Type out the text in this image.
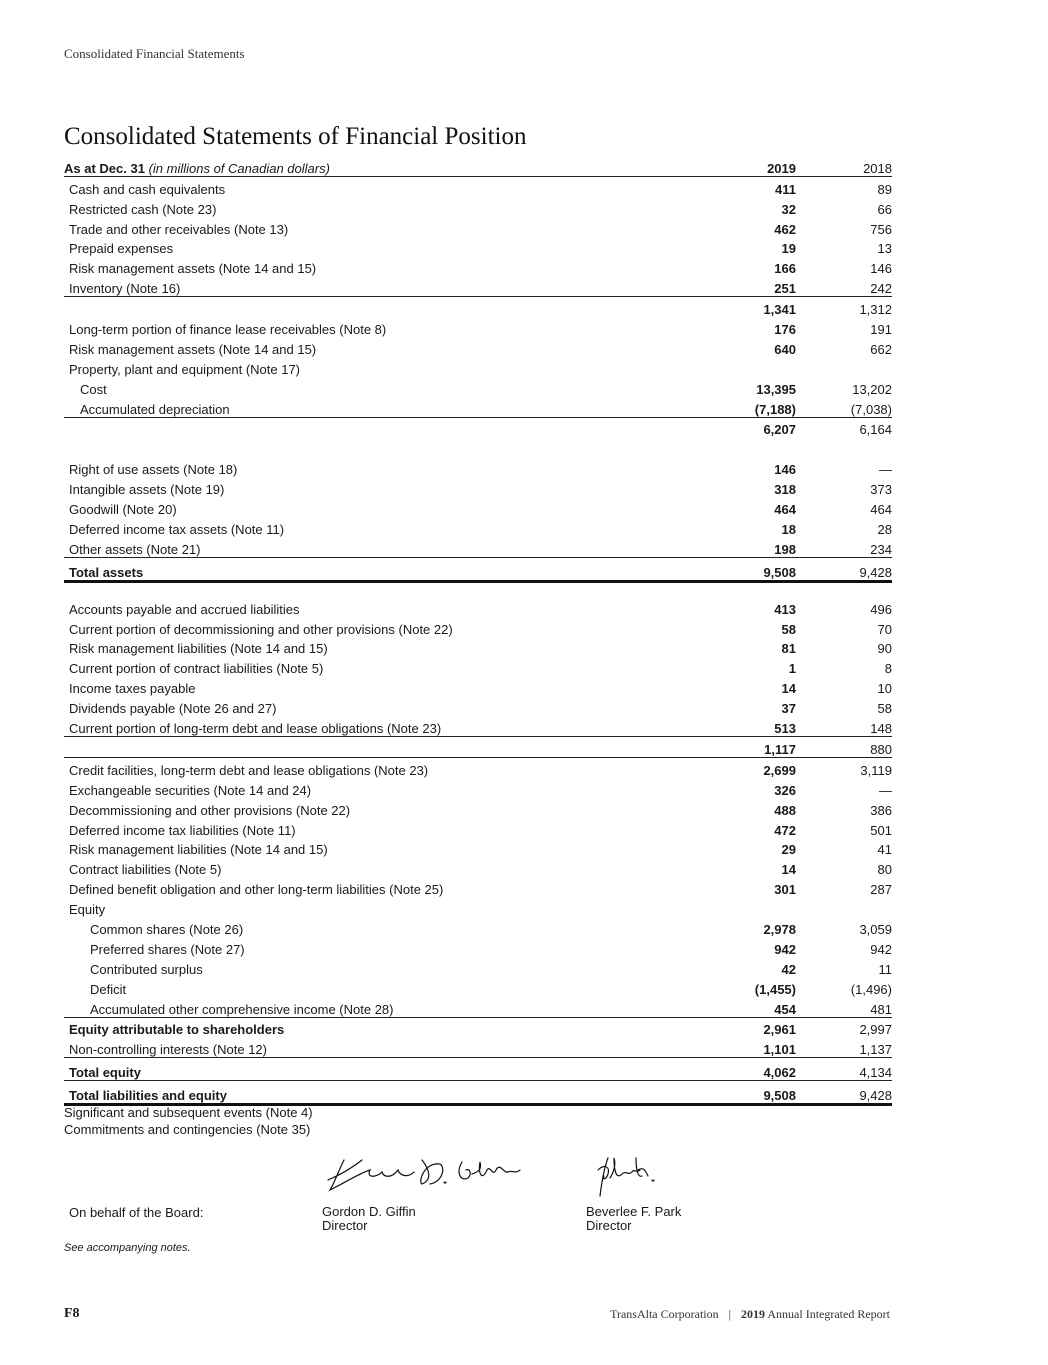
Consolidated Financial Statements
Consolidated Statements of Financial Position
As at Dec. 31 (in millions of Canadian dollars)	2019	2018
Cash and cash equivalents	411	89
Restricted cash (Note 23)	32	66
Trade and other receivables (Note 13)	462	756
Prepaid expenses	19	13
Risk management assets (Note 14 and 15)	166	146
Inventory (Note 16)	251	242
	1,341	1,312
Long-term portion of finance lease receivables (Note 8)	176	191
Risk management assets (Note 14 and 15)	640	662
Property, plant and equipment (Note 17)		
Cost	13,395	13,202
Accumulated depreciation	(7,188)	(7,038)
	6,207	6,164

Right of use assets (Note 18)	146	—
Intangible assets (Note 19)	318	373
Goodwill (Note 20)	464	464
Deferred income tax assets (Note 11)	18	28
Other assets (Note 21)	198	234
Total assets	9,508	9,428

Accounts payable and accrued liabilities	413	496
Current portion of decommissioning and other provisions (Note 22)	58	70
Risk management liabilities (Note 14 and 15)	81	90
Current portion of contract liabilities (Note 5)	1	8
Income taxes payable	14	10
Dividends payable (Note 26 and 27)	37	58
Current portion of long-term debt and lease obligations (Note 23)	513	148
	1,117	880
Credit facilities, long-term debt and lease obligations (Note 23)	2,699	3,119
Exchangeable securities (Note 14 and 24)	326	—
Decommissioning and other provisions (Note 22)	488	386
Deferred income tax liabilities (Note 11)	472	501
Risk management liabilities (Note 14 and 15)	29	41
Contract liabilities (Note 5)	14	80
Defined benefit obligation and other long-term liabilities (Note 25)	301	287
Equity		
Common shares (Note 26)	2,978	3,059
Preferred shares (Note 27)	942	942
Contributed surplus	42	11
Deficit	(1,455)	(1,496)
Accumulated other comprehensive income (Note 28)	454	481
Equity attributable to shareholders	2,961	2,997
Non-controlling interests (Note 12)	1,101	1,137
Total equity	4,062	4,134
Total liabilities and equity	9,508	9,428
Significant and subsequent events (Note 4)
Commitments and contingencies (Note 35)
On behalf of the Board:	Gordon D. Giffin
Director
Beverlee F. Park
Director
See accompanying notes.
F8	TransAlta Corporation | 2019 Annual Integrated Report
